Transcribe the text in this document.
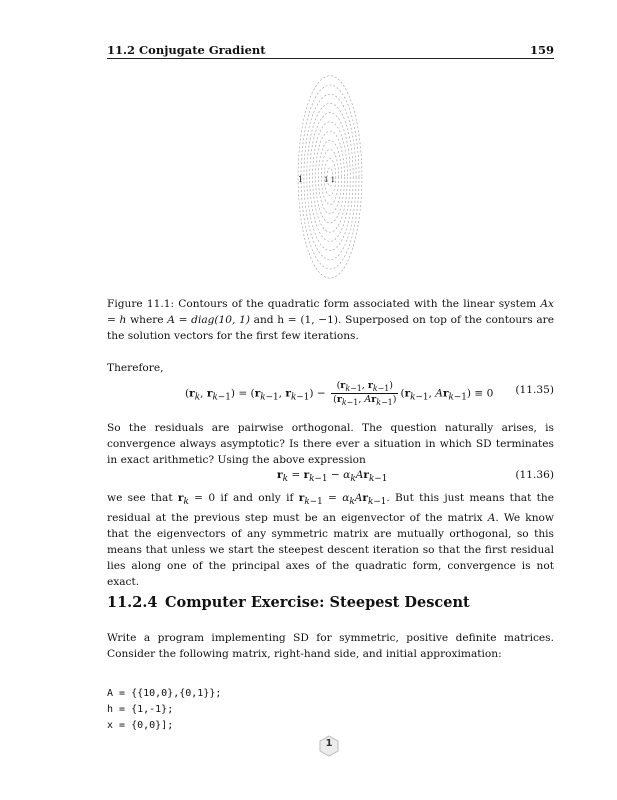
11.2 Conjugate Gradient	159
1	1 1
Figure 11.1: Contours of the quadratic form associated with the linear system Ax = h where A = diag(10, 1) and h = (1, −1). Superposed on top of the contours are the solution vectors for the first few iterations.
Therefore,
($r_k$, $r_{k-1}) = (r_{k-1}$, $r_{k-1}) - \frac{(r_{k-1}, r_{k-1})}{(r_{k-1}, Ar_{k-1})} (r_{k-1}$, $Ar_{k-1}) \equiv 0$ (11.35)
So the residuals are pairwise orthogonal. The question naturally arises, is convergence always asymptotic? Is there ever a situation in which SD terminates in exact arithmetic? Using the above expression
$r_k = r_{k-1} - \alpha_kAr_{k-1}$	(11.36)
we see that $r_k = 0$ if and only if $r_{k-1} = \alpha_kAr_{k-1}$. But this just means that the residual at the previous step must be an eigenvector of the matrix A. We know that the eigenvectors of any symmetric matrix are mutually orthogonal, so this means that unless we start the steepest descent iteration so that the first residual lies along one of the principal axes of the quadratic form, convergence is not exact.
11.2.4 Computer Exercise: Steepest Descent
Write a program implementing SD for symmetric, positive definite matrices. Consider the following matrix, right-hand side, and initial approximation:
A = {{10,0},{0,1}};
h = {1,-1};
x = {0,0}];
1
